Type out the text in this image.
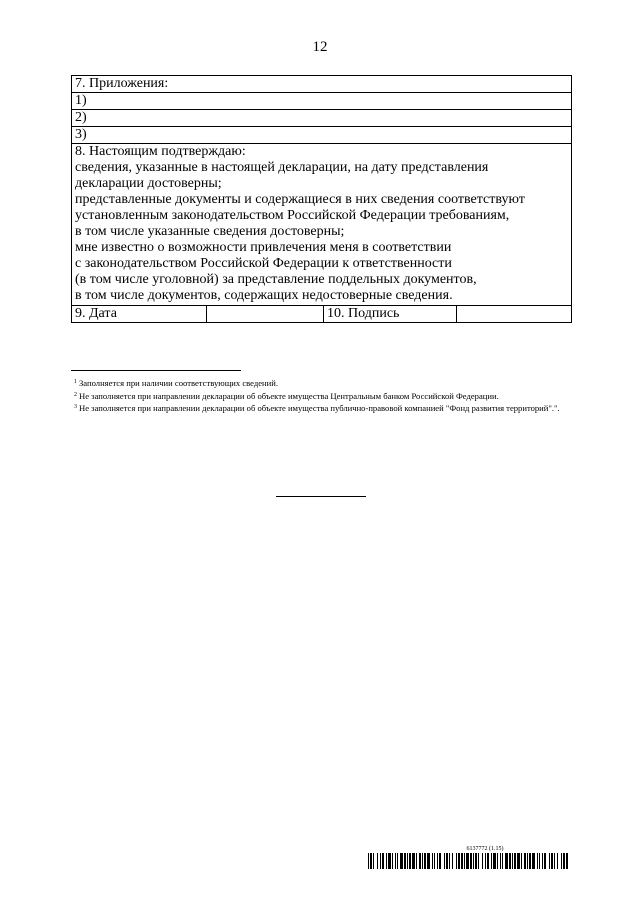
12
7. Приложения:
1)
2)
3)

8. Настоящим подтверждаю:
сведения, указанные в настоящей декларации, на дату представления
декларации достоверны;
представленные документы и содержащиеся в них сведения соответствуют
установленным законодательством Российской Федерации требованиям,
в том числе указанные сведения достоверны;
мне известно о возможности привлечения меня в соответствии
с законодательством Российской Федерации к ответственности
(в том числе уголовной) за представление поддельных документов,
в том числе документов, содержащих недостоверные сведения.

9. Дата		10. Подпись	

$^1$ Заполняется при наличии соответствующих сведений.

$^2$ Не заполняется при направлении декларации об объекте имущества Центральным банком Российской Федерации.

$^3$ Не заполняется при направлении декларации об объекте имущества публично-правовой компанией "Фонд развития территорий".".

6137772 (1.15)
